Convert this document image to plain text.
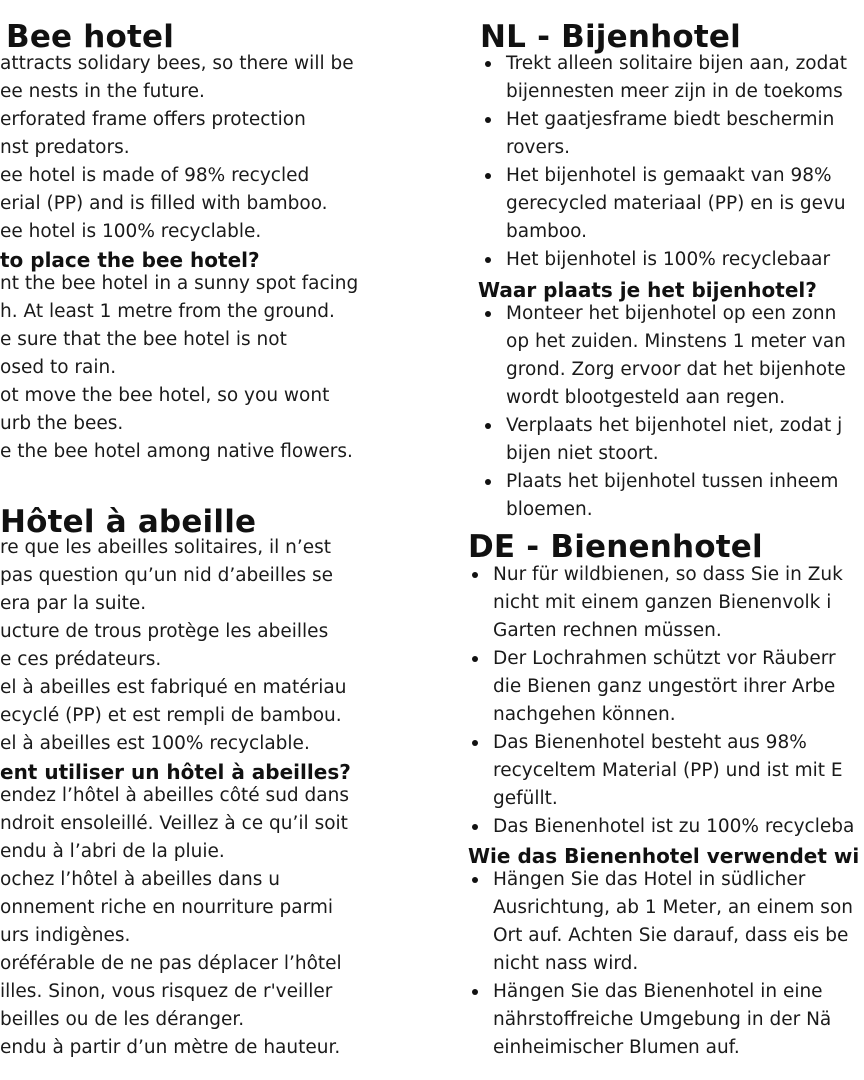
Bee hotel
attracts solidary bees, so there will be
ee nests in the future.
erforated frame offers protection
nst predators.
ee hotel is made of 98% recycled
erial (PP) and is filled with bamboo.
ee hotel is 100% recyclable.
to place the bee hotel?
nt the bee hotel in a sunny spot facing
h. At least 1 metre from the ground.
e sure that the bee hotel is not
osed to rain.
ot move the bee hotel, so you wont
urb the bees.
e the bee hotel among native flowers.
Hôtel à abeille
re que les abeilles solitaires, il n’est
pas question qu’un nid d’abeilles se
era par la suite.
ucture de trous protège les abeilles
e ces prédateurs.
el à abeilles est fabriqué en matériau
ecyclé (PP) et est rempli de bambou.
el à abeilles est 100% recyclable.
ent utiliser un hôtel à abeilles?
endez l’hôtel à abeilles côté sud dans
ndroit ensoleillé. Veillez à ce qu’il soit
endu à l’abri de la pluie.
ochez l’hôtel à abeilles dans u
onnement riche en nourriture parmi
urs indigènes.
oréférable de ne pas déplacer l’hôtel
illes. Sinon, vous risquez de r'veiller
beilles ou de les déranger.
endu à partir d’un mètre de hauteur.
NL - Bijenhotel
Trekt alleen solitaire bijen aan, zodat
bijennesten meer zijn in de toekoms
Het gaatjesframe biedt beschermin
rovers.
Het bijenhotel is gemaakt van 98%
gerecycled materiaal (PP) en is gevu
bamboo.
Het bijenhotel is 100% recyclebaar
Waar plaats je het bijenhotel?
Monteer het bijenhotel op een zonn
op het zuiden. Minstens 1 meter van
grond. Zorg ervoor dat het bijenhote
wordt blootgesteld aan regen.
Verplaats het bijenhotel niet, zodat j
bijen niet stoort.
Plaats het bijenhotel tussen inheem
bloemen.
DE - Bienenhotel
Nur für wildbienen, so dass Sie in Zuk
nicht mit einem ganzen Bienenvolk i
Garten rechnen müssen.
Der Lochrahmen schützt vor Räuberr
die Bienen ganz ungestört ihrer Arbe
nachgehen können.
Das Bienenhotel besteht aus 98%
recyceltem Material (PP) und ist mit E
gefüllt.
Das Bienenhotel ist zu 100% recycleba
Wie das Bienenhotel verwendet wi
Hängen Sie das Hotel in südlicher
Ausrichtung, ab 1 Meter, an einem son
Ort auf. Achten Sie darauf, dass eis be
nicht nass wird.
Hängen Sie das Bienenhotel in eine
nährstoffreiche Umgebung in der Nä
einheimischer Blumen auf.
